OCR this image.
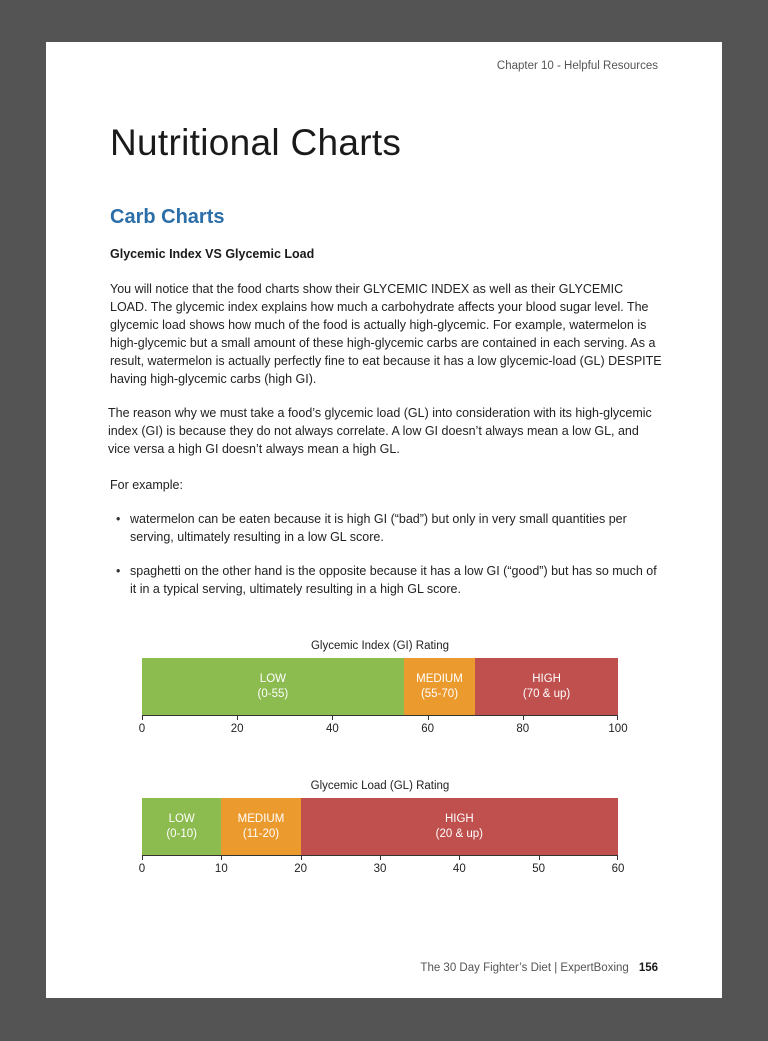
Chapter 10 - Helpful Resources
Nutritional Charts
Carb Charts
Glycemic Index VS Glycemic Load

You will notice that the food charts show their GLYCEMIC INDEX as well as their GLYCEMIC LOAD. The glycemic index explains how much a carbohydrate affects your blood sugar level. The glycemic load shows how much of the food is actually high-glycemic. For example, watermelon is high-glycemic but a small amount of these high-glycemic carbs are contained in each serving. As a result, watermelon is actually perfectly fine to eat because it has a low glycemic-load (GL) DESPITE having high-glycemic carbs (high GI).

The reason why we must take a food’s glycemic load (GL) into consideration with its high-glycemic index (GI) is because they do not always correlate. A low GI doesn’t always mean a low GL, and vice versa a high GI doesn’t always mean a high GL.

For example:

• watermelon can be eaten because it is high GI (“bad”) but only in very small quantities per serving, ultimately resulting in a low GL score.
• spaghetti on the other hand is the opposite because it has a low GI (“good”) but has so much of it in a typical serving, ultimately resulting in a high GL score.
Glycemic Index (GI) Rating
LOW
(0-55)
MEDIUM
(55-70)
HIGH
(70 & up)
0	20	40	60	80	100
Glycemic Load (GL) Rating
LOW
(0-10)
MEDIUM
(11-20)
HIGH
(20 & up)
0	10	20	30	40	50	60
The 30 Day Fighter’s Diet | ExpertBoxing 156
